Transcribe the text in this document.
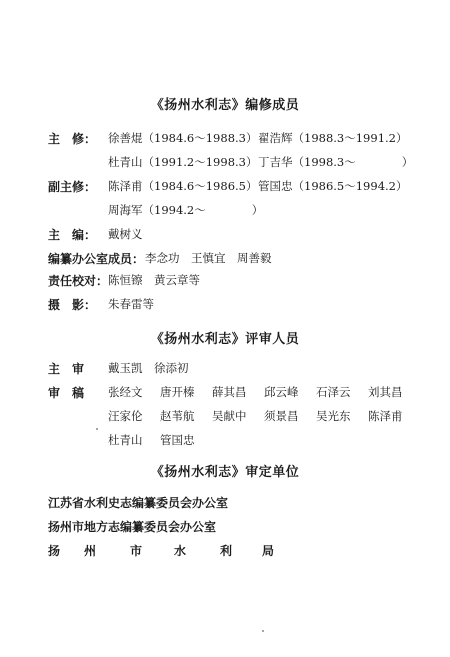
《扬州水利志》编修成员
主　修： 徐善焜（1984.6～1988.3） 翟浩辉（1988.3～1991.2）
杜青山（1991.2～1998.3） 丁吉华（1998.3～　　　　）
副主修： 陈泽甫（1984.6～1986.5） 管国忠（1986.5～1994.2）
周海军（1994.2～　　　　）
主　编： 戴树义
编纂办公室成员： 李念功　王慎宜　周善毅
责任校对： 陈恒镲　黄云章等
摄　影： 朱春雷等
《扬州水利志》评审人员
主　审 戴玉凯　徐添初
审　稿 张经文 唐开榛 薛其昌 邱云峰 石泽云 刘其昌
汪家伦 赵苇航 吴献中 须景昌 吴光东 陈泽甫
杜青山 管国忠
《扬州水利志》审定单位
江苏省水利史志编纂委员会办公室
扬州市地方志编纂委员会办公室
扬 州	市	水	利 局
